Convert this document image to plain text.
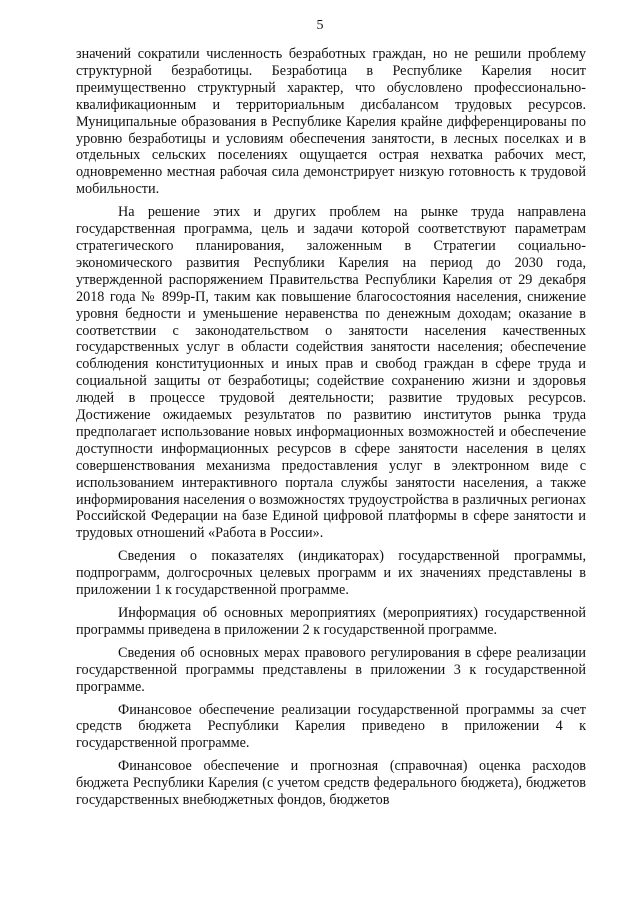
5

значений сократили численность безработных граждан, но не решили проблему структурной безработицы. Безработица в Республике Карелия носит преимущественно структурный характер, что обусловлено профессионально-квалификационным и территориальным дисбалансом трудовых ресурсов. Муниципальные образования в Республике Карелия крайне дифференцированы по уровню безработицы и условиям обеспечения занятости, в лесных поселках и в отдельных сельских поселениях ощущается острая нехватка рабочих мест, одновременно местная рабочая сила демонстрирует низкую готовность к трудовой мобильности.

На решение этих и других проблем на рынке труда направлена государственная программа, цель и задачи которой соответствуют параметрам стратегического планирования, заложенным в Стратегии социально-экономического развития Республики Карелия на период до 2030 года, утвержденной распоряжением Правительства Республики Карелия от 29 декабря 2018 года № 899р-П, таким как повышение благосостояния населения, снижение уровня бедности и уменьшение неравенства по денежным доходам; оказание в соответствии с законодательством о занятости населения качественных государственных услуг в области содействия занятости населения; обеспечение соблюдения конституционных и иных прав и свобод граждан в сфере труда и социальной защиты от безработицы; содействие сохранению жизни и здоровья людей в процессе трудовой деятельности; развитие трудовых ресурсов. Достижение ожидаемых результатов по развитию институтов рынка труда предполагает использование новых информационных возможностей и обеспечение доступности информационных ресурсов в сфере занятости населения в целях совершенствования механизма предоставления услуг в электронном виде с использованием интерактивного портала службы занятости населения, а также информирования населения о возможностях трудоустройства в различных регионах Российской Федерации на базе Единой цифровой платформы в сфере занятости и трудовых отношений «Работа в России».

Сведения о показателях (индикаторах) государственной программы, подпрограмм, долгосрочных целевых программ и их значениях представлены в приложении 1 к государственной программе.

Информация об основных мероприятиях (мероприятиях) государственной программы приведена в приложении 2 к государственной программе.

Сведения об основных мерах правового регулирования в сфере реализации государственной программы представлены в приложении 3 к государственной программе.

Финансовое обеспечение реализации государственной программы за счет средств бюджета Республики Карелия приведено в приложении 4 к государственной программе.

Финансовое обеспечение и прогнозная (справочная) оценка расходов бюджета Республики Карелия (с учетом средств федерального бюджета), бюджетов государственных внебюджетных фондов, бюджетов
